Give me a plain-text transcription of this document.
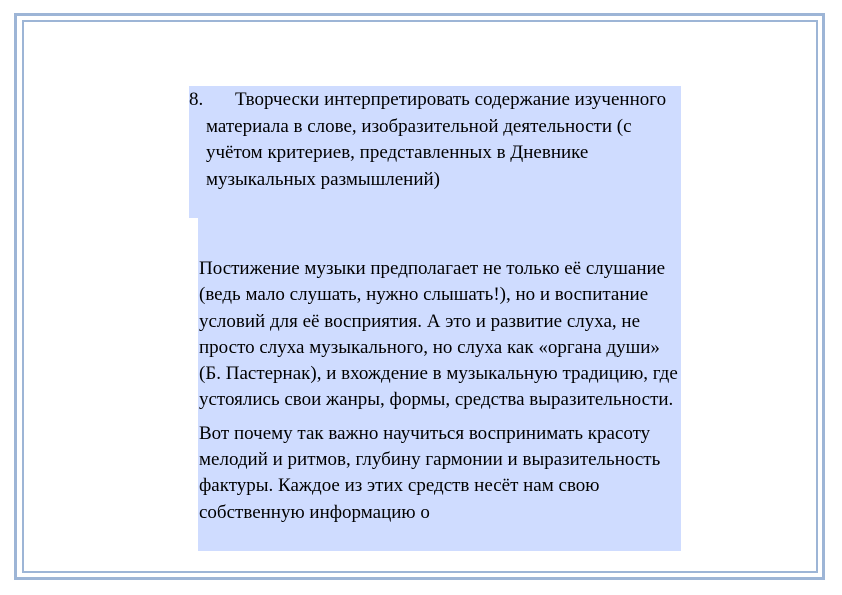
8.	Творчески интерпретировать содержание изученного материала в слове, изобразительной деятельности (с учётом критериев, представленных в Дневнике музыкальных размышлений)

Постижение музыки предполагает не только её слушание (ведь мало слушать, нужно слышать!), но и воспитание условий для её восприятия. А это и развитие слуха, не просто слуха музыкального, но слуха как «органа души» (Б. Пастернак), и вхождение в музыкальную традицию, где устоялись свои жанры, формы, средства выразительности.

Вот почему так важно научиться воспринимать красоту мелодий и ритмов, глубину гармонии и выразительность фактуры. Каждое из этих средств несёт нам свою собственную информацию о
